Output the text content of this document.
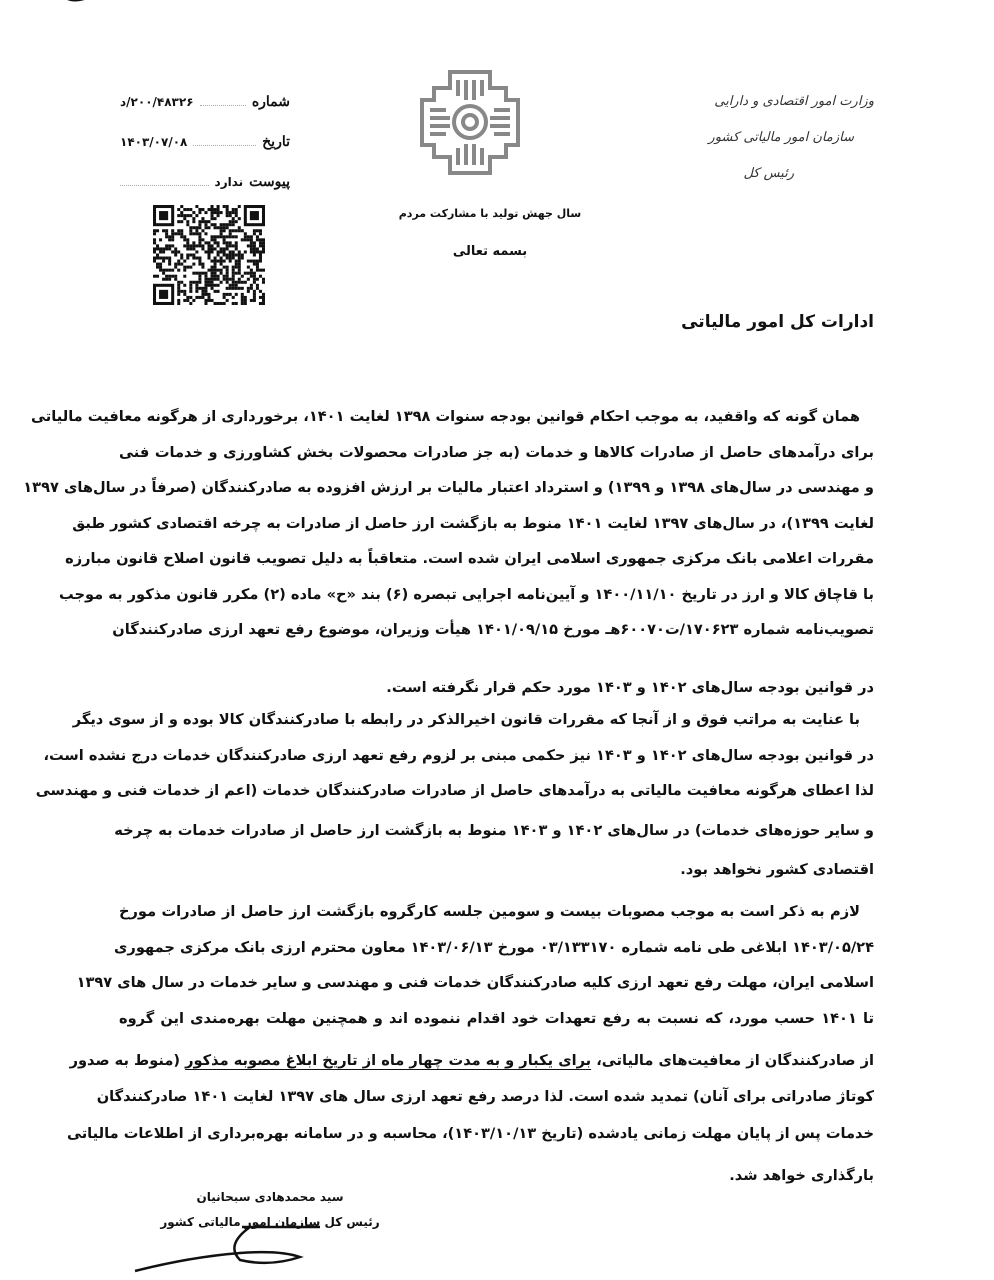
وزارت امور اقتصادی و دارایی
سازمان امور مالیاتی کشور
رئیس کل
سال جهش تولید با مشارکت مردم
بسمه تعالی
شماره
۲۰۰/۴۸۳۲۶/د
تاریخ
۱۴۰۳/۰۷/۰۸
پیوست
ندارد
ادارات کل امور مالیاتی
همان گونه که واقفید، به موجب احکام قوانین بودجه سنوات ۱۳۹۸ لغایت ۱۴۰۱، برخورداری از هرگونه معافیت مالیاتی
برای درآمدهای حاصل از صادرات کالاها و خدمات (به جز صادرات محصولات بخش کشاورزی و خدمات فنی
و مهندسی در سال‌های ۱۳۹۸ و ۱۳۹۹) و استرداد اعتبار مالیات بر ارزش افزوده به صادرکنندگان (صرفاً در سال‌های ۱۳۹۷
لغایت ۱۳۹۹)، در سال‌های ۱۳۹۷ لغایت ۱۴۰۱ منوط به بازگشت ارز حاصل از صادرات به چرخه اقتصادی کشور طبق
مقررات اعلامی بانک مرکزی جمهوری اسلامی ایران شده است. متعاقباً به دلیل تصویب قانون اصلاح قانون مبارزه
با قاچاق کالا و ارز در تاریخ ۱۴۰۰/۱۱/۱۰ و آیین‌نامه اجرایی تبصره (۶) بند «ح» ماده (۲) مکرر قانون مذکور به موجب
تصویب‌نامه شماره ۱۷۰۶۲۳/ت۶۰۰۷۰هـ مورخ ۱۴۰۱/۰۹/۱۵ هیأت وزیران، موضوع رفع تعهد ارزی صادرکنندگان
در قوانین بودجه سال‌های ۱۴۰۲ و ۱۴۰۳ مورد حکم قرار نگرفته است.
با عنایت به مراتب فوق و از آنجا که مقررات قانون اخیرالذکر در رابطه با صادرکنندگان کالا بوده و از سوی دیگر
در قوانین بودجه سال‌های ۱۴۰۲ و ۱۴۰۳ نیز حکمی مبنی بر لزوم رفع تعهد ارزی صادرکنندگان خدمات درج نشده است،
لذا اعطای هرگونه معافیت مالیاتی به درآمدهای حاصل از صادرات صادرکنندگان خدمات (اعم از خدمات فنی و مهندسی
و سایر حوزه‌های خدمات) در سال‌های ۱۴۰۲ و ۱۴۰۳ منوط به بازگشت ارز حاصل از صادرات خدمات به چرخه
اقتصادی کشور نخواهد بود.
لازم به ذکر است به موجب مصوبات بیست و سومین جلسه کارگروه بازگشت ارز حاصل از صادرات مورخ
۱۴۰۳/۰۵/۲۴ ابلاغی طی نامه شماره ۰۳/۱۳۳۱۷۰ مورخ ۱۴۰۳/۰۶/۱۳ معاون محترم ارزی بانک مرکزی جمهوری
اسلامی ایران، مهلت رفع تعهد ارزی کلیه صادرکنندگان خدمات فنی و مهندسی و سایر خدمات در سال های ۱۳۹۷
تا ۱۴۰۱ حسب مورد، که نسبت به رفع تعهدات خود اقدام ننموده اند و همچنین مهلت بهره‌مندی این گروه
از صادرکنندگان از معافیت‌های مالیاتی، برای یکبار و به مدت چهار ماه از تاریخ ابلاغ مصوبه مذکور (منوط به صدور
کوتاژ صادراتی برای آنان) تمدید شده است. لذا درصد رفع تعهد ارزی سال های ۱۳۹۷ لغایت ۱۴۰۱ صادرکنندگان
خدمات پس از پایان مهلت زمانی یادشده (تاریخ ۱۴۰۳/۱۰/۱۳)، محاسبه و در سامانه بهره‌برداری از اطلاعات مالیاتی
بارگذاری خواهد شد.
سید محمدهادی سبحانیان
رئیس کل سازمان امور مالیاتی کشور
